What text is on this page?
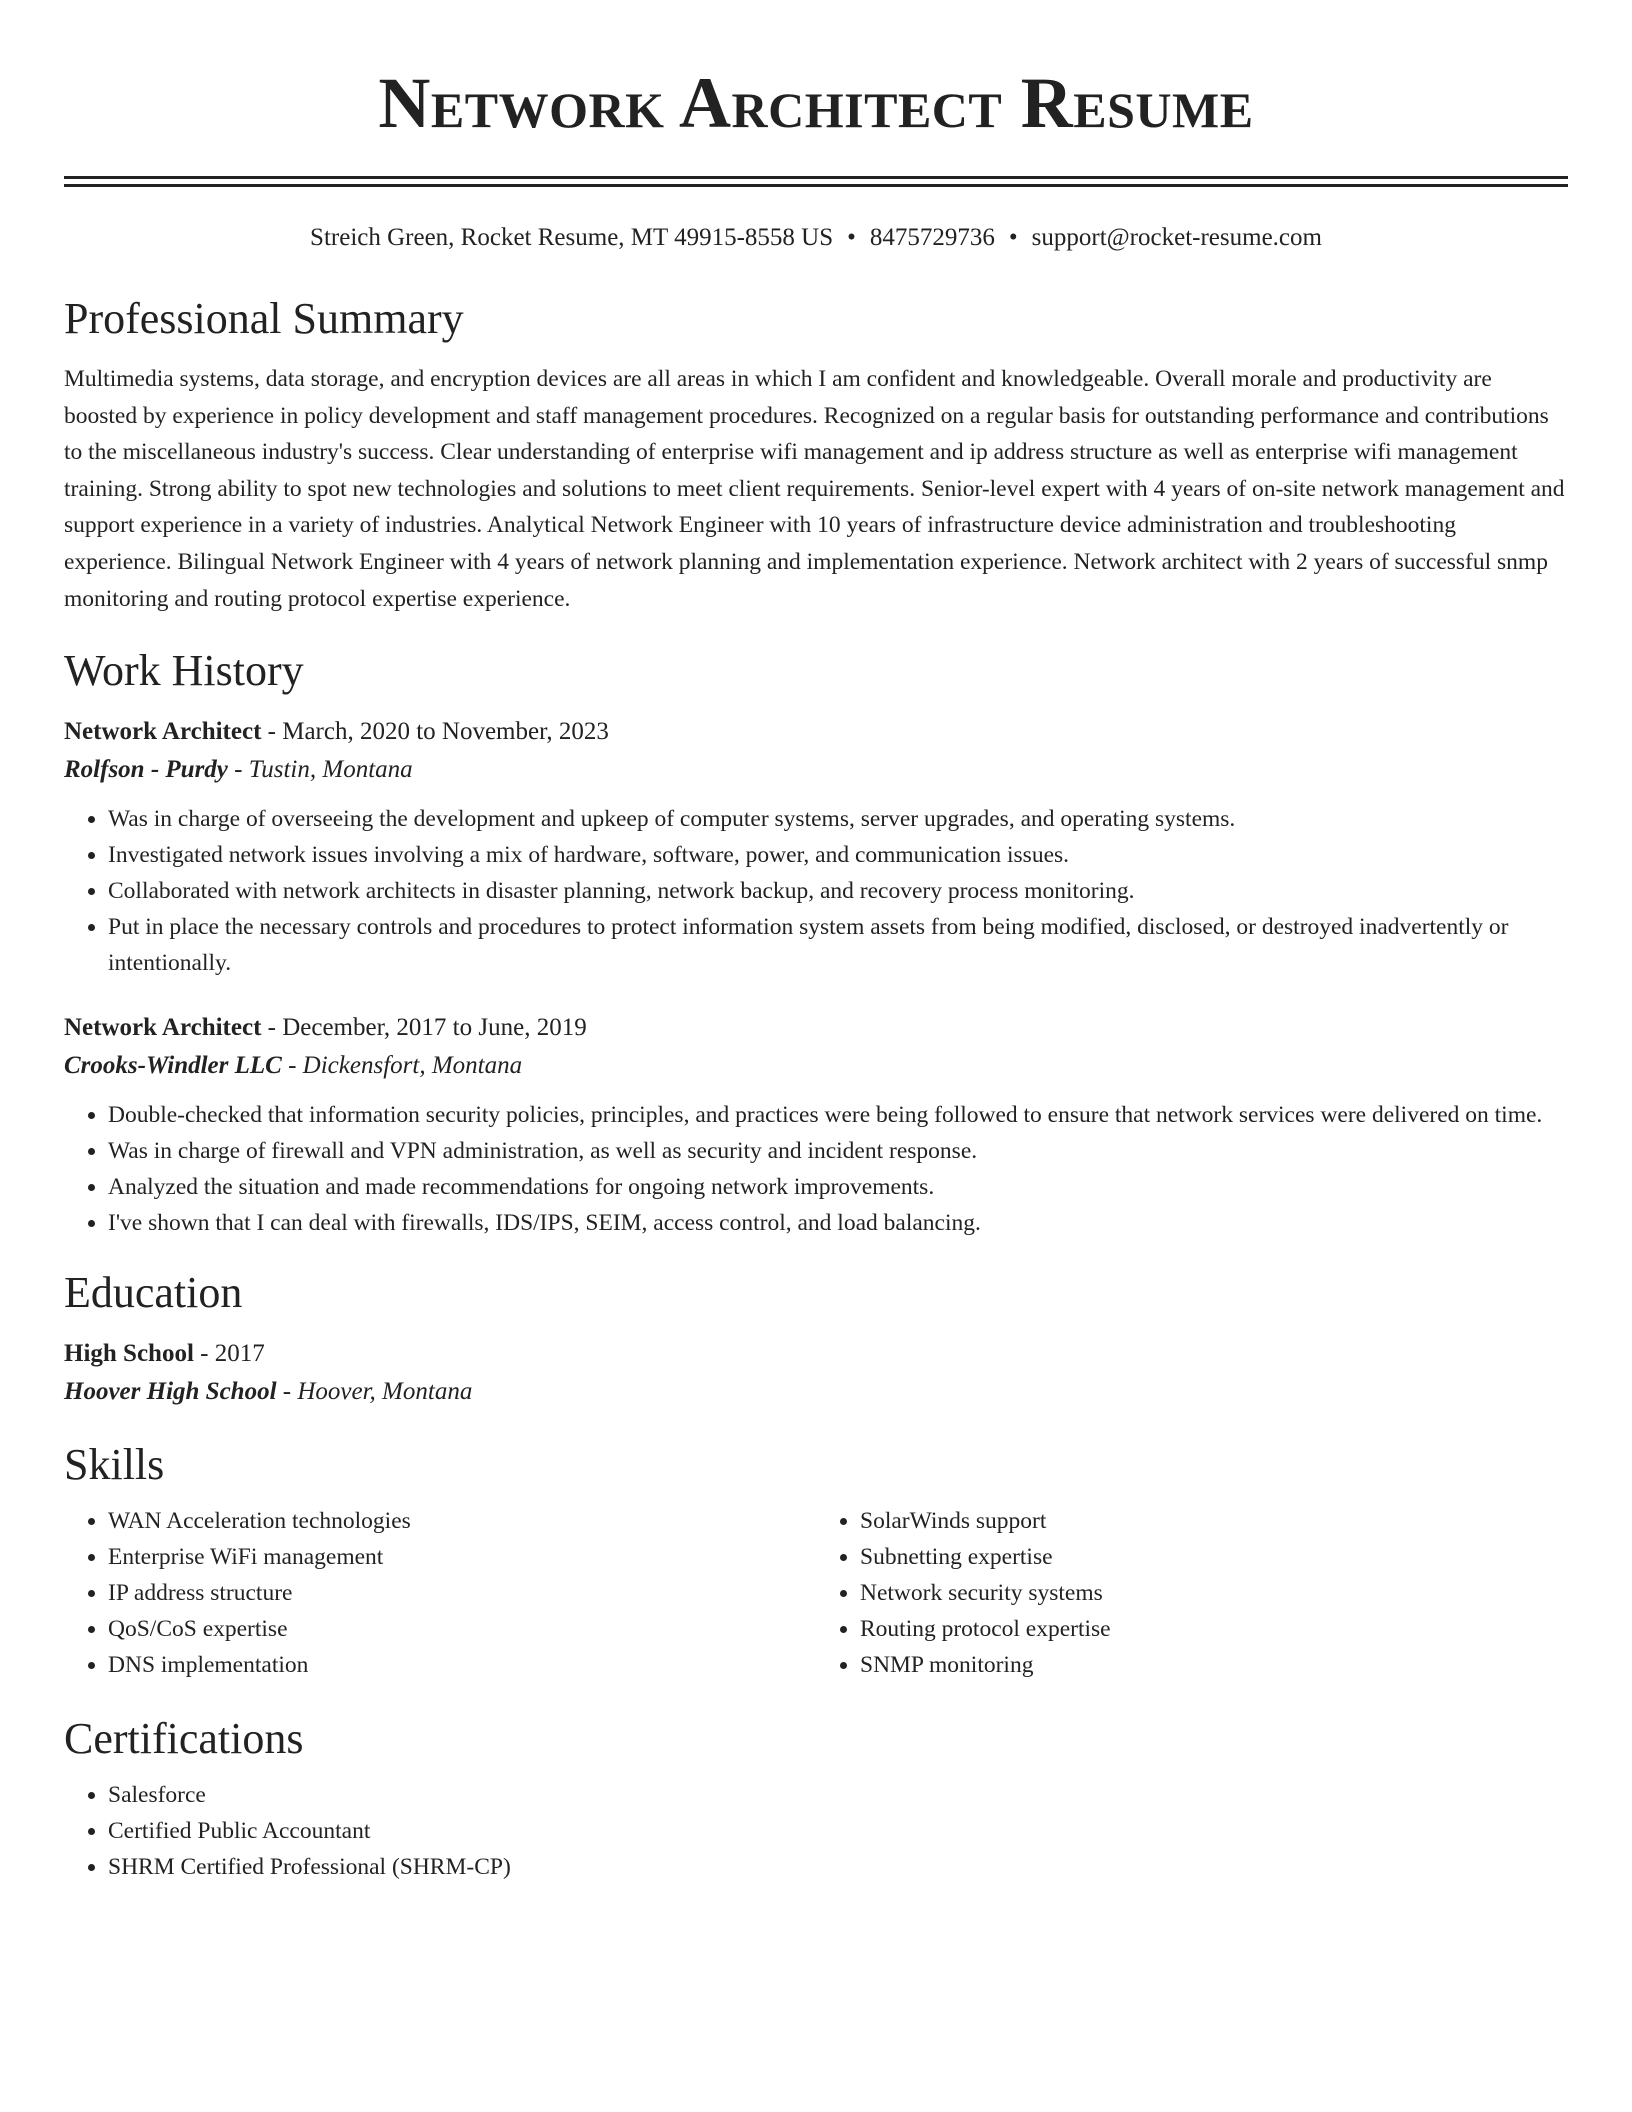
Network Architect Resume
Streich Green, Rocket Resume, MT 49915-8558 US • 8475729736 • support@rocket-resume.com
Professional Summary

Multimedia systems, data storage, and encryption devices are all areas in which I am confident and knowledgeable. Overall morale and productivity are boosted by experience in policy development and staff management procedures. Recognized on a regular basis for outstanding performance and contributions to the miscellaneous industry's success. Clear understanding of enterprise wifi management and ip address structure as well as enterprise wifi management training. Strong ability to spot new technologies and solutions to meet client requirements. Senior-level expert with 4 years of on-site network management and support experience in a variety of industries. Analytical Network Engineer with 10 years of infrastructure device administration and troubleshooting experience. Bilingual Network Engineer with 4 years of network planning and implementation experience. Network architect with 2 years of successful snmp monitoring and routing protocol expertise experience.

Work History
Network Architect - March, 2020 to November, 2023
Rolfson - Purdy - Tustin, Montana
• Was in charge of overseeing the development and upkeep of computer systems, server upgrades, and operating systems.
• Investigated network issues involving a mix of hardware, software, power, and communication issues.
• Collaborated with network architects in disaster planning, network backup, and recovery process monitoring.
• Put in place the necessary controls and procedures to protect information system assets from being modified, disclosed, or destroyed inadvertently or intentionally.
Network Architect - December, 2017 to June, 2019
Crooks-Windler LLC - Dickensfort, Montana
• Double-checked that information security policies, principles, and practices were being followed to ensure that network services were delivered on time.
• Was in charge of firewall and VPN administration, as well as security and incident response.
• Analyzed the situation and made recommendations for ongoing network improvements.
• I've shown that I can deal with firewalls, IDS/IPS, SEIM, access control, and load balancing.
Education
High School - 2017
Hoover High School - Hoover, Montana
Skills
• WAN Acceleration technologies
• Enterprise WiFi management
• IP address structure
• QoS/CoS expertise
• DNS implementation
• SolarWinds support
• Subnetting expertise
• Network security systems
• Routing protocol expertise
• SNMP monitoring
Certifications
• Salesforce
• Certified Public Accountant
• SHRM Certified Professional (SHRM-CP)
